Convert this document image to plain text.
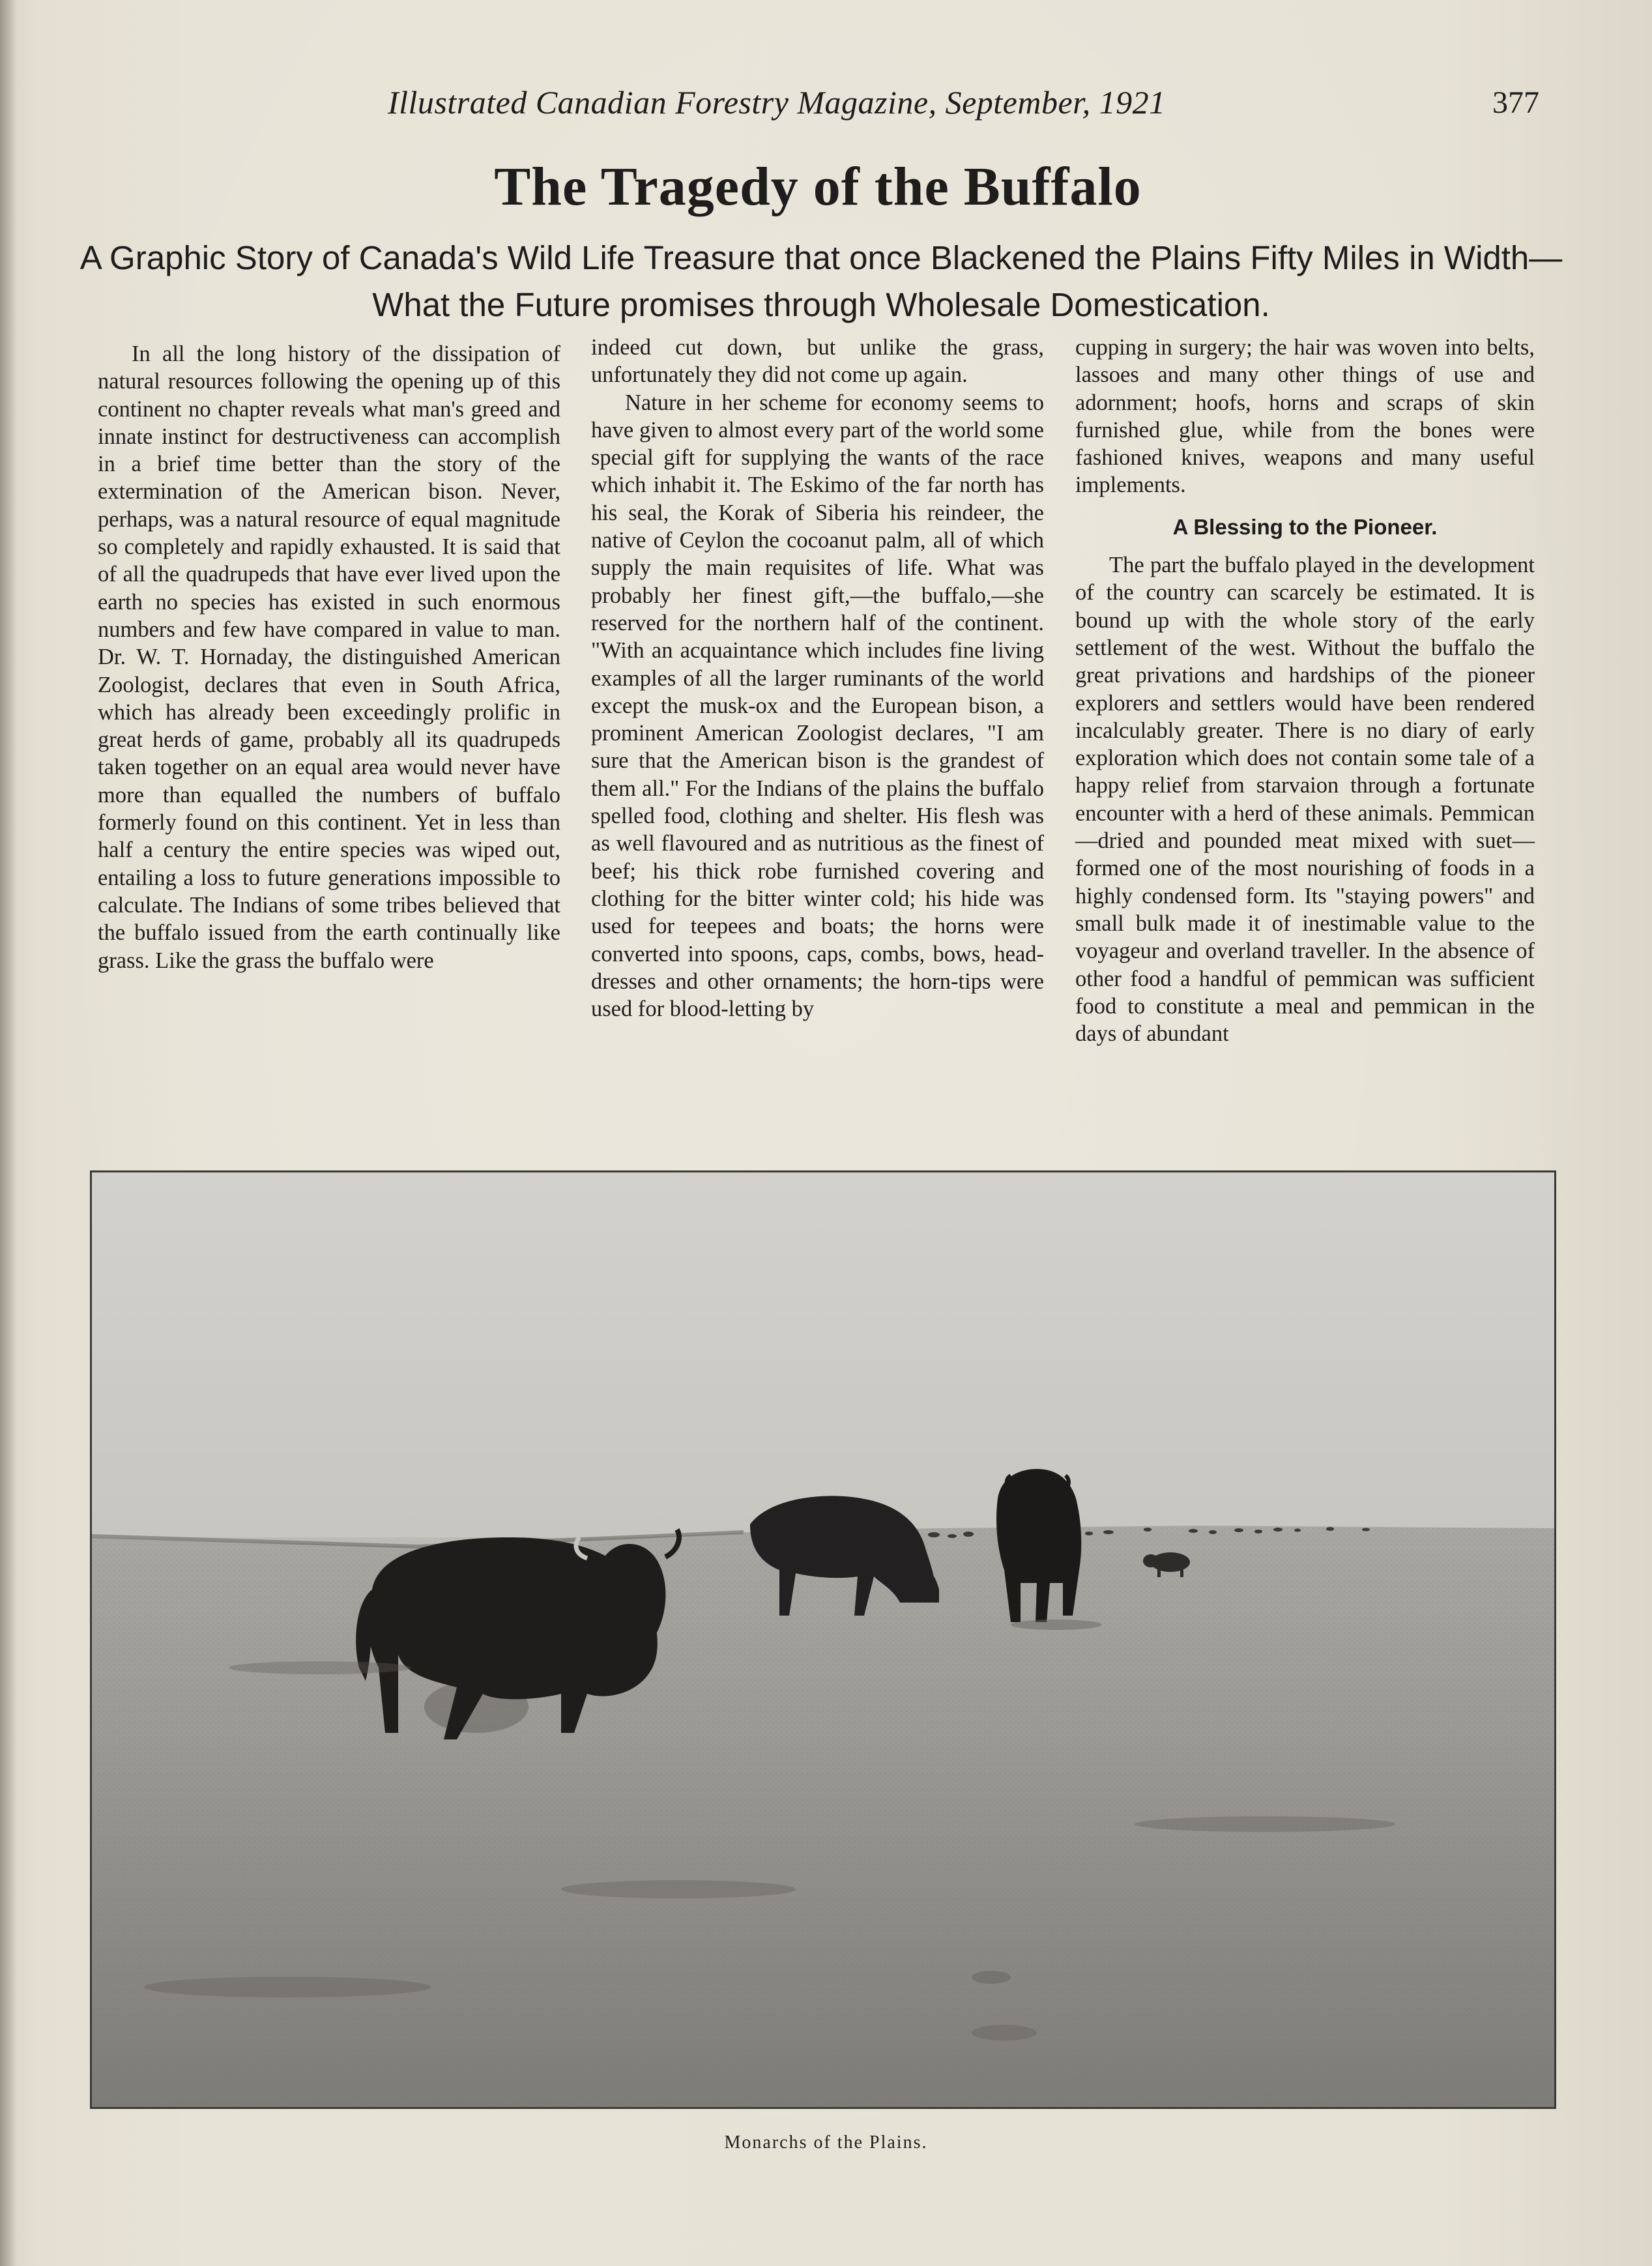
Illustrated Canadian Forestry Magazine, September, 1921	377
The Tragedy of the Buffalo
A Graphic Story of Canada's Wild Life Treasure that once Blackened the Plains Fifty Miles in Width—What the Future promises through Wholesale Domestication.

In all the long history of the dissipation of natural resources following the opening up of this continent no chapter reveals what man's greed and innate instinct for destructiveness can accomplish in a brief time better than the story of the extermination of the American bison. Never, perhaps, was a natural resource of equal magnitude so completely and rapidly exhausted. It is said that of all the quadrupeds that have ever lived upon the earth no species has existed in such enormous numbers and few have compared in value to man. Dr. W. T. Hornaday, the distinguished American Zoologist, declares that even in South Africa, which has already been exceedingly prolific in great herds of game, probably all its quadrupeds taken together on an equal area would never have more than equalled the numbers of buffalo formerly found on this continent. Yet in less than half a century the entire species was wiped out, entailing a loss to future generations impossible to calculate. The Indians of some tribes believed that the buffalo issued from the earth continually like grass. Like the grass the buffalo were

indeed cut down, but unlike the grass, unfortunately they did not come up again.

Nature in her scheme for economy seems to have given to almost every part of the world some special gift for supplying the wants of the race which inhabit it. The Eskimo of the far north has his seal, the Korak of Siberia his reindeer, the native of Ceylon the cocoanut palm, all of which supply the main requisites of life. What was probably her finest gift,—the buffalo,—she reserved for the northern half of the continent. "With an acquaintance which includes fine living examples of all the larger ruminants of the world except the musk-ox and the European bison, a prominent American Zoologist declares, "I am sure that the American bison is the grandest of them all." For the Indians of the plains the buffalo spelled food, clothing and shelter. His flesh was as well flavoured and as nutritious as the finest of beef; his thick robe furnished covering and clothing for the bitter winter cold; his hide was used for teepees and boats; the horns were converted into spoons, caps, combs, bows, head-dresses and other ornaments; the horn-tips were used for blood-letting by

cupping in surgery; the hair was woven into belts, lassoes and many other things of use and adornment; hoofs, horns and scraps of skin furnished glue, while from the bones were fashioned knives, weapons and many useful implements.

A Blessing to the Pioneer.

The part the buffalo played in the development of the country can scarcely be estimated. It is bound up with the whole story of the early settlement of the west. Without the buffalo the great privations and hardships of the pioneer explorers and settlers would have been rendered incalculably greater. There is no diary of early exploration which does not contain some tale of a happy relief from starvaion through a fortunate encounter with a herd of these animals. Pemmican—dried and pounded meat mixed with suet—formed one of the most nourishing of foods in a highly condensed form. Its "staying powers" and small bulk made it of inestimable value to the voyageur and overland traveller. In the absence of other food a handful of pemmican was sufficient food to constitute a meal and pemmican in the days of abundant

Monarchs of the Plains.
